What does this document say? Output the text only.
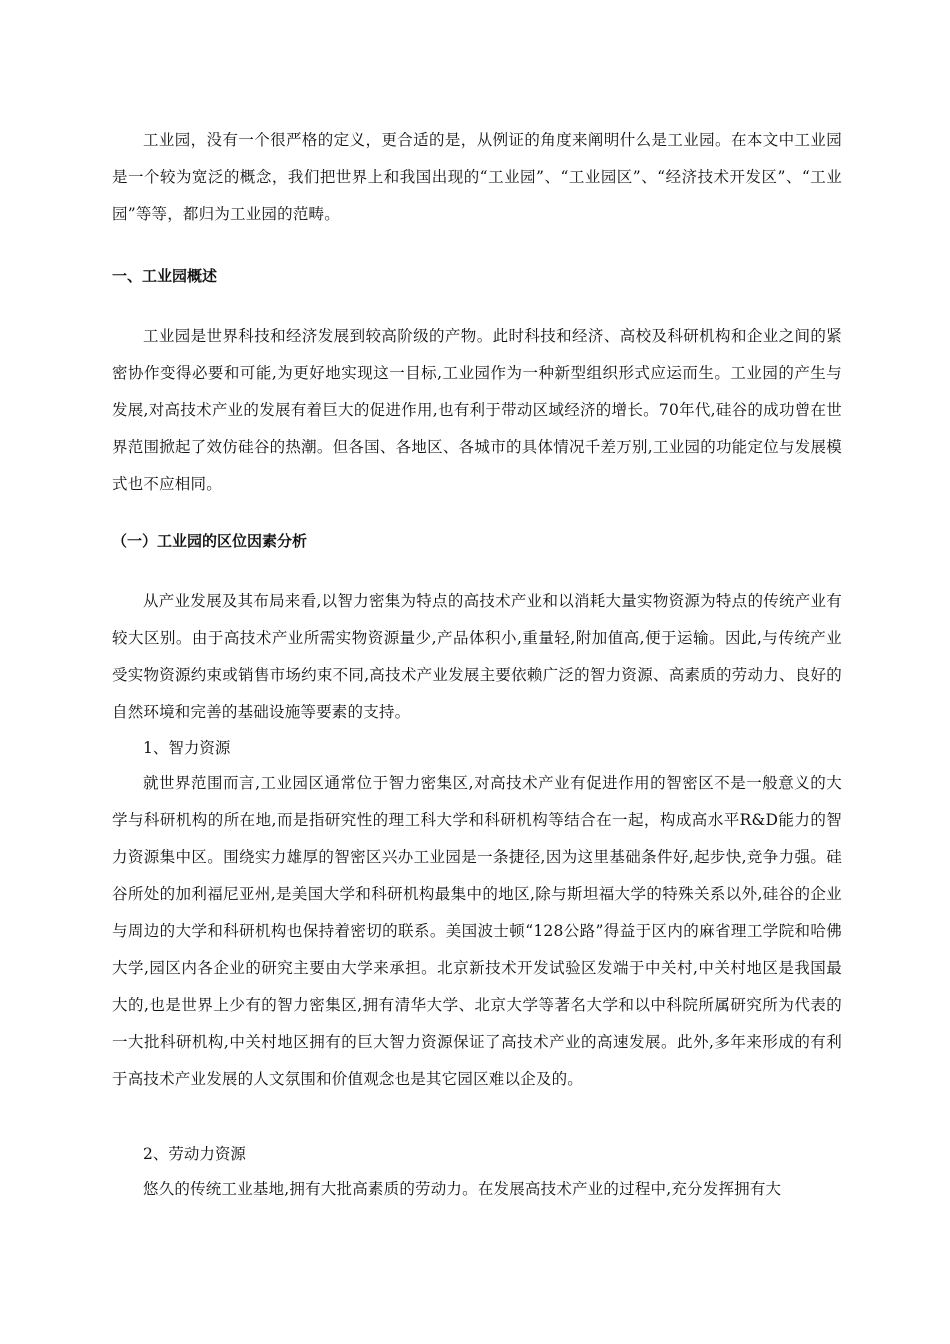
工业园，没有一个很严格的定义，更合适的是，从例证的角度来阐明什么是工业园。在本文中工业园是一个较为宽泛的概念，我们把世界上和我国出现的“工业园”、“工业园区”、“经济技术开发区”、“工业园”等等，都归为工业园的范畴。

一、工业园概述

工业园是世界科技和经济发展到较高阶级的产物。此时科技和经济、高校及科研机构和企业之间的紧密协作变得必要和可能,为更好地实现这一目标,工业园作为一种新型组织形式应运而生。工业园的产生与发展,对高技术产业的发展有着巨大的促进作用,也有利于带动区域经济的增长。70年代,硅谷的成功曾在世界范围掀起了效仿硅谷的热潮。但各国、各地区、各城市的具体情况千差万别,工业园的功能定位与发展模式也不应相同。

（一）工业园的区位因素分析

从产业发展及其布局来看,以智力密集为特点的高技术产业和以消耗大量实物资源为特点的传统产业有较大区别。由于高技术产业所需实物资源量少,产品体积小,重量轻,附加值高,便于运输。因此,与传统产业受实物资源约束或销售市场约束不同,高技术产业发展主要依赖广泛的智力资源、高素质的劳动力、良好的自然环境和完善的基础设施等要素的支持。

1、智力资源

就世界范围而言,工业园区通常位于智力密集区,对高技术产业有促进作用的智密区不是一般意义的大学与科研机构的所在地,而是指研究性的理工科大学和科研机构等结合在一起，构成高水平R&D能力的智力资源集中区。围绕实力雄厚的智密区兴办工业园是一条捷径,因为这里基础条件好,起步快,竞争力强。硅谷所处的加利福尼亚州,是美国大学和科研机构最集中的地区,除与斯坦福大学的特殊关系以外,硅谷的企业与周边的大学和科研机构也保持着密切的联系。美国波士顿“128公路”得益于区内的麻省理工学院和哈佛大学,园区内各企业的研究主要由大学来承担。北京新技术开发试验区发端于中关村,中关村地区是我国最大的,也是世界上少有的智力密集区,拥有清华大学、北京大学等著名大学和以中科院所属研究所为代表的一大批科研机构,中关村地区拥有的巨大智力资源保证了高技术产业的高速发展。此外,多年来形成的有利于高技术产业发展的人文氛围和价值观念也是其它园区难以企及的。

2、劳动力资源

悠久的传统工业基地,拥有大批高素质的劳动力。在发展高技术产业的过程中,充分发挥拥有大
